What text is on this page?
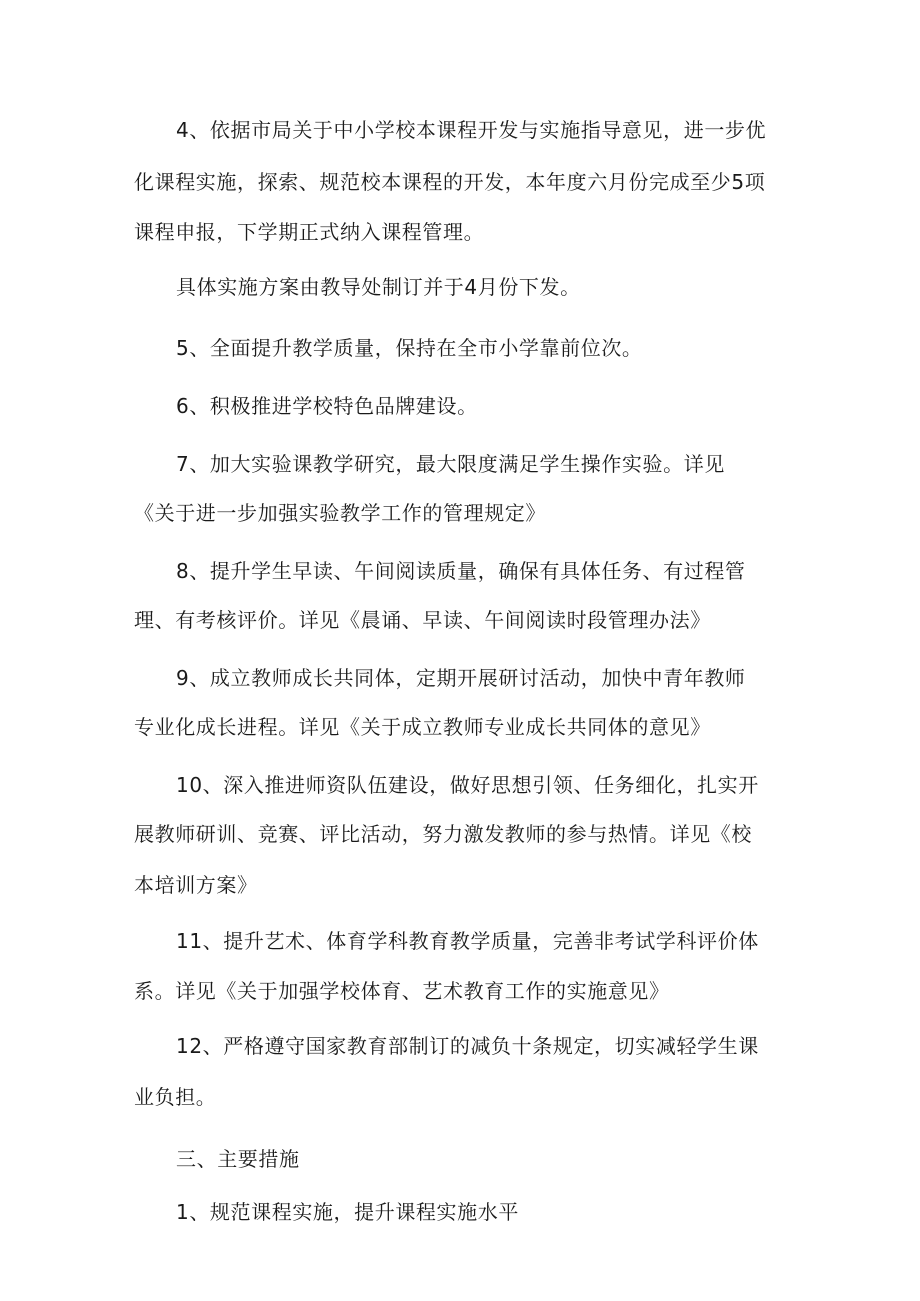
4、依据市局关于中小学校本课程开发与实施指导意见，进一步优
化课程实施，探索、规范校本课程的开发，本年度六月份完成至少5项
课程申报，下学期正式纳入课程管理。
具体实施方案由教导处制订并于4月份下发。
5、全面提升教学质量，保持在全市小学靠前位次。
6、积极推进学校特色品牌建设。
7、加大实验课教学研究，最大限度满足学生操作实验。详见
《关于进一步加强实验教学工作的管理规定》
8、提升学生早读、午间阅读质量，确保有具体任务、有过程管
理、有考核评价。详见《晨诵、早读、午间阅读时段管理办法》
9、成立教师成长共同体，定期开展研讨活动，加快中青年教师
专业化成长进程。详见《关于成立教师专业成长共同体的意见》
10、深入推进师资队伍建设，做好思想引领、任务细化，扎实开
展教师研训、竞赛、评比活动，努力激发教师的参与热情。详见《校
本培训方案》
11、提升艺术、体育学科教育教学质量，完善非考试学科评价体
系。详见《关于加强学校体育、艺术教育工作的实施意见》
12、严格遵守国家教育部制订的减负十条规定，切实减轻学生课
业负担。
三、主要措施
1、规范课程实施，提升课程实施水平
